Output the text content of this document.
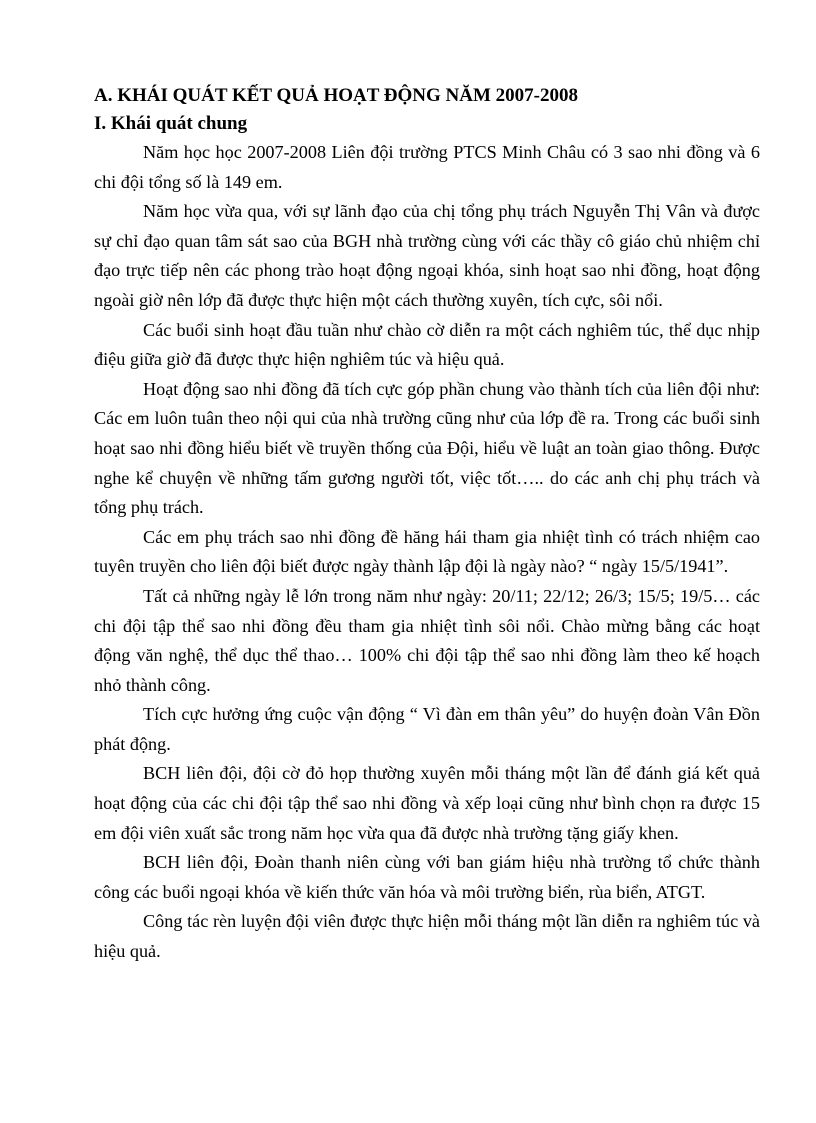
A. KHÁI QUÁT KẾT QUẢ HOẠT ĐỘNG NĂM 2007-2008
I. Khái quát chung

Năm học học 2007-2008 Liên đội trường PTCS Minh Châu có 3 sao nhi đồng và 6 chi đội tổng số là 149 em.

Năm học vừa qua, với sự lãnh đạo của chị tổng phụ trách Nguyễn Thị Vân và được sự chỉ đạo quan tâm sát sao của BGH nhà trường cùng với các thầy cô giáo chủ nhiệm chỉ đạo trực tiếp nên các phong trào hoạt động ngoại khóa, sinh hoạt sao nhi đồng, hoạt động ngoài giờ nên lớp đã được thực hiện một cách thường xuyên, tích cực, sôi nổi.

Các buổi sinh hoạt đầu tuần như chào cờ diễn ra một cách nghiêm túc, thể dục nhịp điệu giữa giờ đã được thực hiện nghiêm túc và hiệu quả.

Hoạt động sao nhi đồng đã tích cực góp phần chung vào thành tích của liên đội như: Các em luôn tuân theo nội qui của nhà trường cũng như của lớp đề ra. Trong các buổi sinh hoạt sao nhi đồng hiểu biết về truyền thống của Đội, hiểu về luật an toàn giao thông. Được nghe kể chuyện về những tấm gương người tốt, việc tốt….. do các anh chị phụ trách và tổng phụ trách.

Các em phụ trách sao nhi đồng đề hăng hái tham gia nhiệt tình có trách nhiệm cao tuyên truyền cho liên đội biết được ngày thành lập đội là ngày nào? “ ngày 15/5/1941”.

Tất cả những ngày lễ lớn trong năm như ngày: 20/11; 22/12; 26/3; 15/5; 19/5… các chi đội tập thể sao nhi đồng đều tham gia nhiệt tình sôi nổi. Chào mừng bằng các hoạt động văn nghệ, thể dục thể thao… 100% chi đội tập thể sao nhi đồng làm theo kế hoạch nhỏ thành công.

Tích cực hưởng ứng cuộc vận động “ Vì đàn em thân yêu” do huyện đoàn Vân Đồn phát động.

BCH liên đội, đội cờ đỏ họp thường xuyên mỗi tháng một lần để đánh giá kết quả hoạt động của các chi đội tập thể sao nhi đồng và xếp loại cũng như bình chọn ra được 15 em đội viên xuất sắc trong năm học vừa qua đã được nhà trường tặng giấy khen.

BCH liên đội, Đoàn thanh niên cùng với ban giám hiệu nhà trường tổ chức thành công các buổi ngoại khóa về kiến thức văn hóa và môi trường biển, rùa biển, ATGT.

Công tác rèn luyện đội viên được thực hiện mỗi tháng một lần diễn ra nghiêm túc và hiệu quả.
